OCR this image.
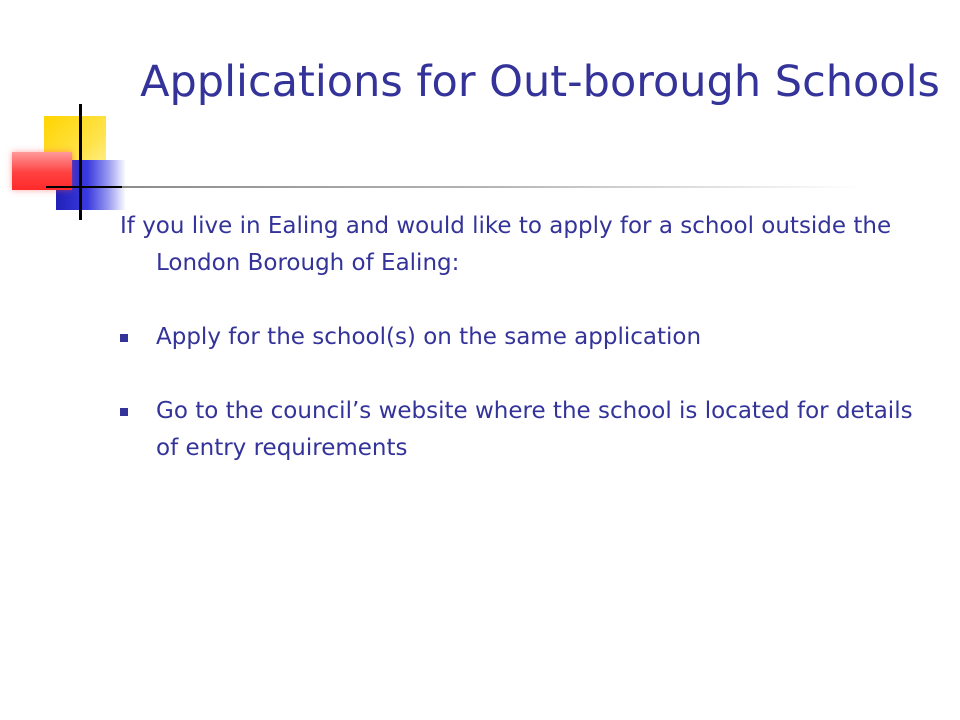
Applications for Out-borough Schools

If you live in Ealing and would like to apply for a school outside the London Borough of Ealing:

Apply for the school(s) on the same application
Go to the council’s website where the school is located for details of entry requirements
